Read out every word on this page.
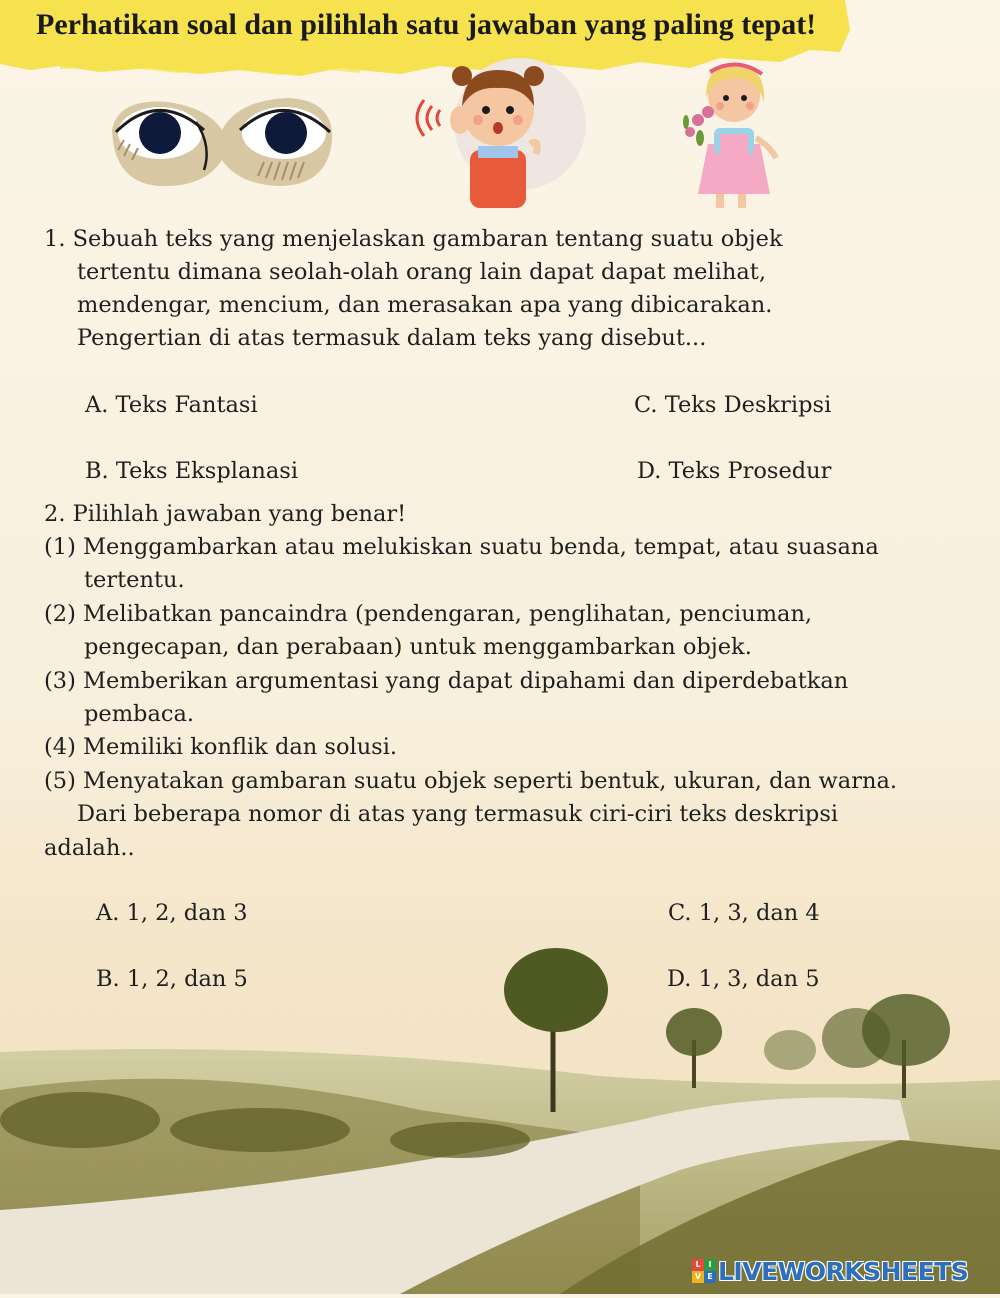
Perhatikan soal dan pilihlah satu jawaban yang paling tepat!
1. Sebuah teks yang menjelaskan gambaran tentang suatu objek
tertentu dimana seolah-olah orang lain dapat dapat melihat,
mendengar, mencium, dan merasakan apa yang dibicarakan.
Pengertian di atas termasuk dalam teks yang disebut...
A. Teks Fantasi	C. Teks Deskripsi
B. Teks Eksplanasi	D. Teks Prosedur
2. Pilihlah jawaban yang benar!
(1) Menggambarkan atau melukiskan suatu benda, tempat, atau suasana
tertentu.
(2) Melibatkan pancaindra (pendengaran, penglihatan, penciuman,
pengecapan, dan perabaan) untuk menggambarkan objek.
(3) Memberikan argumentasi yang dapat dipahami dan diperdebatkan
pembaca.
(4) Memiliki konflik dan solusi.
(5) Menyatakan gambaran suatu objek seperti bentuk, ukuran, dan warna.
Dari beberapa nomor di atas yang termasuk ciri-ciri teks deskripsi
adalah..
A. 1, 2, dan 3	C. 1, 3, dan 4
B. 1, 2, dan 5	D. 1, 3, dan 5
L I
V E LIVEWORKSHEETS
